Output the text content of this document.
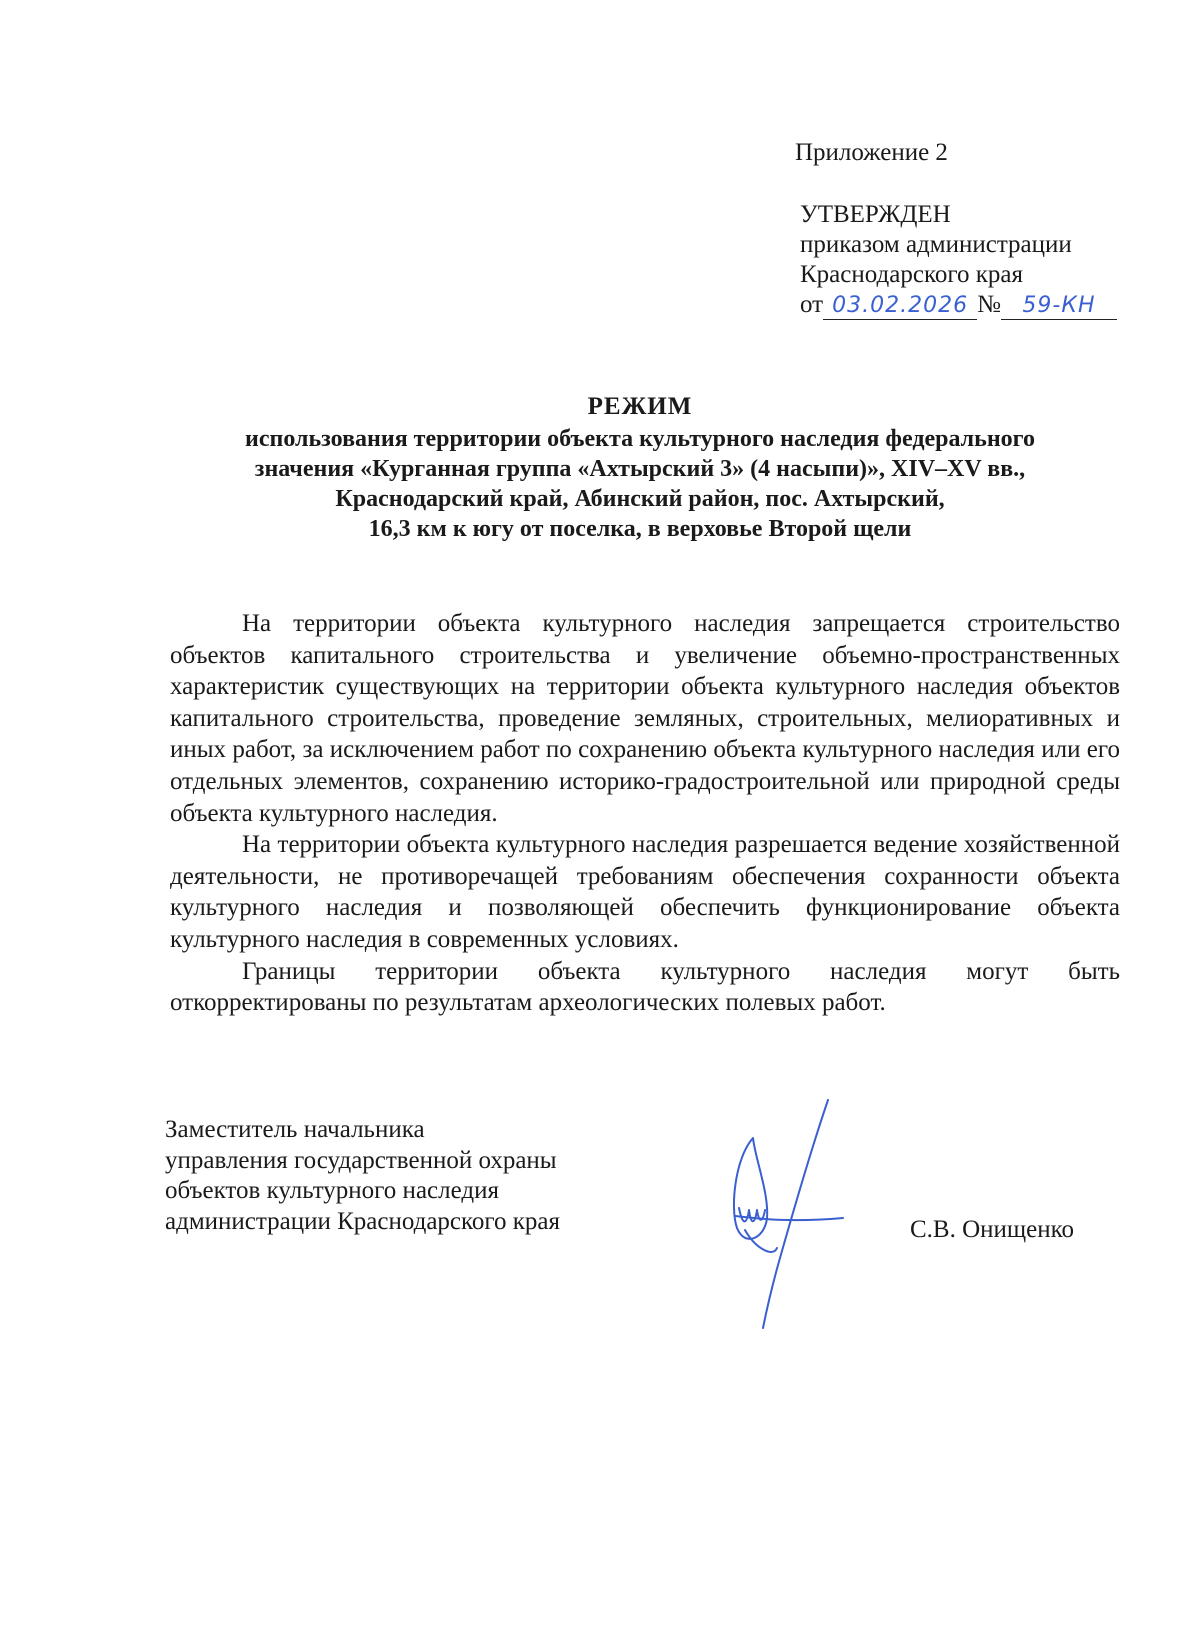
Приложение 2
УТВЕРЖДЕН
приказом администрации
Краснодарского края
от 03.02.2026 № 59-КН
РЕЖИМ
использования территории объекта культурного наследия федерального
значения «Курганная группа «Ахтырский 3» (4 насыпи)», XIV–XV вв.,
Краснодарский край, Абинский район, пос. Ахтырский,
16,3 км к югу от поселка, в верховье Второй щели

На территории объекта культурного наследия запрещается строительство объектов капитального строительства и увеличение объемно-пространственных характеристик существующих на территории объекта культурного наследия объектов капитального строительства, проведение земляных, строительных, мелиоративных и иных работ, за исключением работ по сохранению объекта культурного наследия или его отдельных элементов, сохранению историко-градостроительной или природной среды объекта культурного наследия.

На территории объекта культурного наследия разрешается ведение хозяйственной деятельности, не противоречащей требованиям обеспечения сохранности объекта культурного наследия и позволяющей обеспечить функционирование объекта культурного наследия в современных условиях.

Границы территории объекта культурного наследия могут быть откорректированы по результатам археологических полевых работ.

Заместитель начальника
управления государственной охраны
объектов культурного наследия
администрации Краснодарского края	С.В. Онищенко
